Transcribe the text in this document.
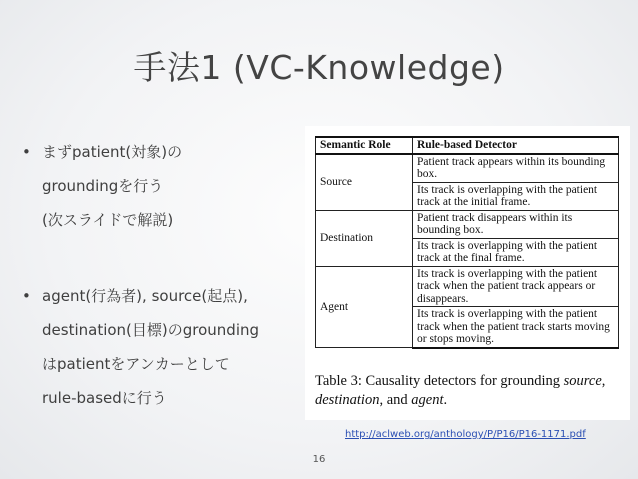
手法1 (VC-Knowledge)
• まずpatient(対象)の
groundingを行う
(次スライドで解説)
• agent(行為者), source(起点),
destination(目標)のgrounding
はpatientをアンカーとして
rule-basedに行う
Semantic Role	Rule-based Detector
Source	Patient track appears within its bounding box.
	Its track is overlapping with the patient track at the initial frame.
Destination	Patient track disappears within its bounding box.
	Its track is overlapping with the patient track at the final frame.
Agent	Its track is overlapping with the patient track when the patient track appears or disappears.
	Its track is overlapping with the patient track when the patient track starts moving or stops moving.
Table 3: Causality detectors for grounding source, destination, and agent.
http://aclweb.org/anthology/P/P16/P16-1171.pdf
16
